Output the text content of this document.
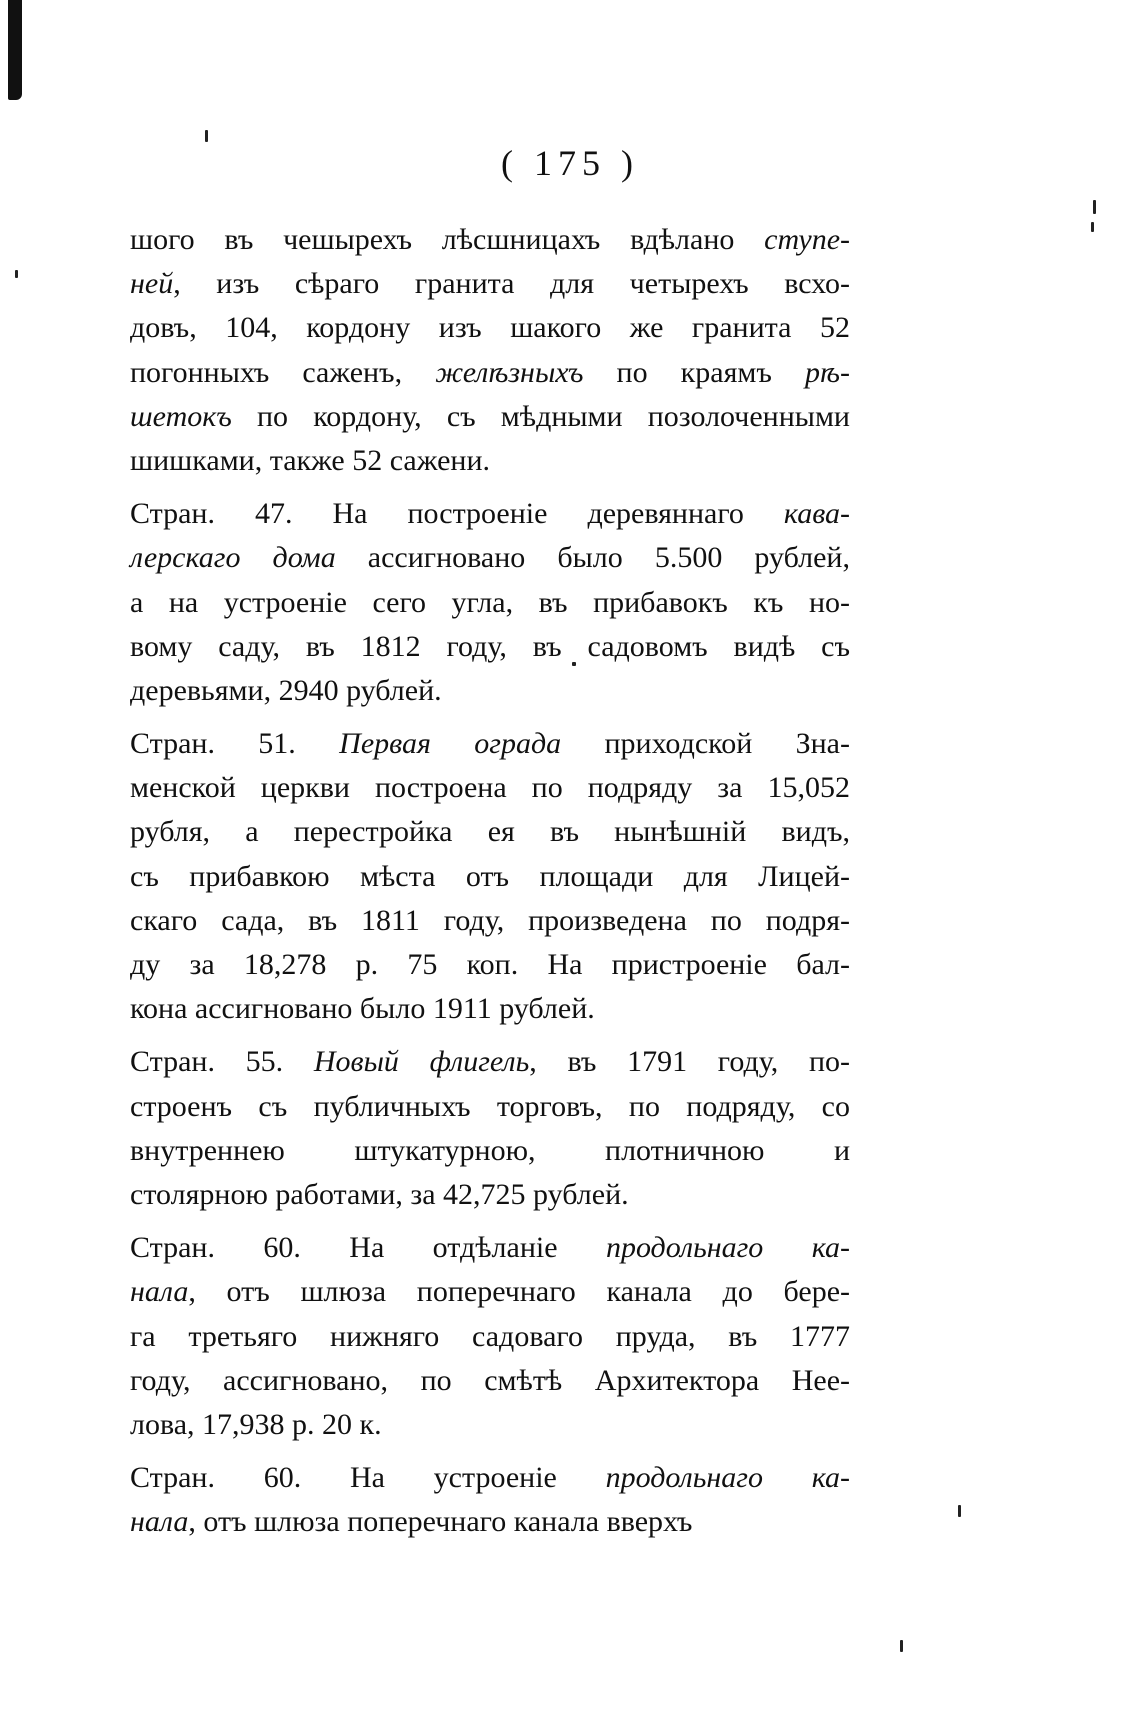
( 175 )
шого въ чешырехъ лѣсшницахъ вдѣлано ступе-
ней, изъ сѣраго гранита для четырехъ всхо-
довъ, 104, кордону изъ шакого же гранита 52
погонныхъ саженъ, желѣзныхъ по краямъ рѣ-
шетокъ по кордону, съ мѣдными позолоченными
шишками, также 52 сажени.
Стран. 47. На построеніе деревяннаго кава-
лерскаго дома ассигновано было 5.500 рублей,
а на устроеніе сего угла, въ прибавокъ къ но-
вому саду, въ 1812 году, въ садовомъ видѣ съ
деревьями, 2940 рублей.
Стран. 51. Первая ограда приходской Зна-
менской церкви построена по подряду за 15,052
рубля, а перестройка ея въ нынѣшній видъ,
съ прибавкою мѣста отъ площади для Лицей-
скаго сада, въ 1811 году, произведена по подря-
ду за 18,278 р. 75 коп. На пристроеніе бал-
кона ассигновано было 1911 рублей.
Стран. 55. Новый флигель, въ 1791 году, по-
строенъ съ публичныхъ торговъ, по подряду, со
внутреннею штукатурною, плотничною и
столярною работами, за 42,725 рублей.
Стран. 60. На отдѣланіе продольнаго ка-
нала, отъ шлюза поперечнаго канала до бере-
га третьяго нижняго садоваго пруда, въ 1777
году, ассигновано, по смѣтѣ Архитектора Нее-
лова, 17,938 р. 20 к.
Стран. 60. На устроеніе продольнаго ка-
нала, отъ шлюза поперечнаго канала вверхъ
